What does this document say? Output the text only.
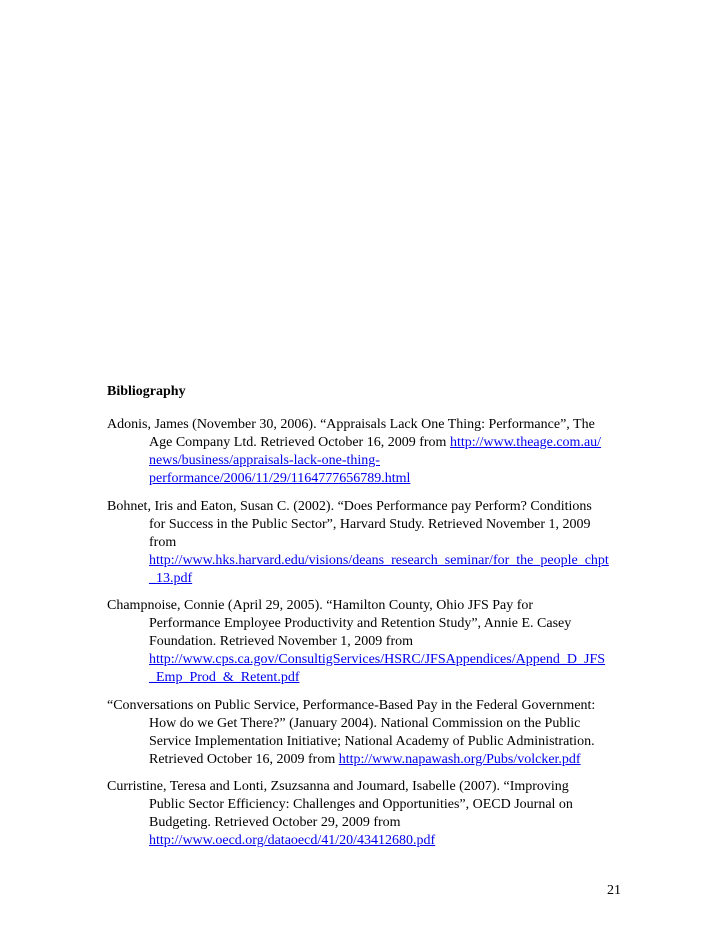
Bibliography
Adonis, James (November 30, 2006). “Appraisals Lack One Thing: Performance”, The
Age Company Ltd. Retrieved October 16, 2009 from http://www.theage.com.au/
news/business/appraisals-lack-one-thing-
performance/2006/11/29/1164777656789.html
Bohnet, Iris and Eaton, Susan C. (2002). “Does Performance pay Perform? Conditions
for Success in the Public Sector”, Harvard Study. Retrieved November 1, 2009
from
http://www.hks.harvard.edu/visions/deans_research_seminar/for_the_people_chpt
_13.pdf
Champnoise, Connie (April 29, 2005). “Hamilton County, Ohio JFS Pay for
Performance Employee Productivity and Retention Study”, Annie E. Casey
Foundation. Retrieved November 1, 2009 from
http://www.cps.ca.gov/ConsultigServices/HSRC/JFSAppendices/Append_D_JFS
_Emp_Prod_&_Retent.pdf
“Conversations on Public Service, Performance-Based Pay in the Federal Government:
How do we Get There?” (January 2004). National Commission on the Public
Service Implementation Initiative; National Academy of Public Administration.
Retrieved October 16, 2009 from http://www.napawash.org/Pubs/volcker.pdf
Curristine, Teresa and Lonti, Zsuzsanna and Joumard, Isabelle (2007). “Improving
Public Sector Efficiency: Challenges and Opportunities”, OECD Journal on
Budgeting. Retrieved October 29, 2009 from
http://www.oecd.org/dataoecd/41/20/43412680.pdf
21
